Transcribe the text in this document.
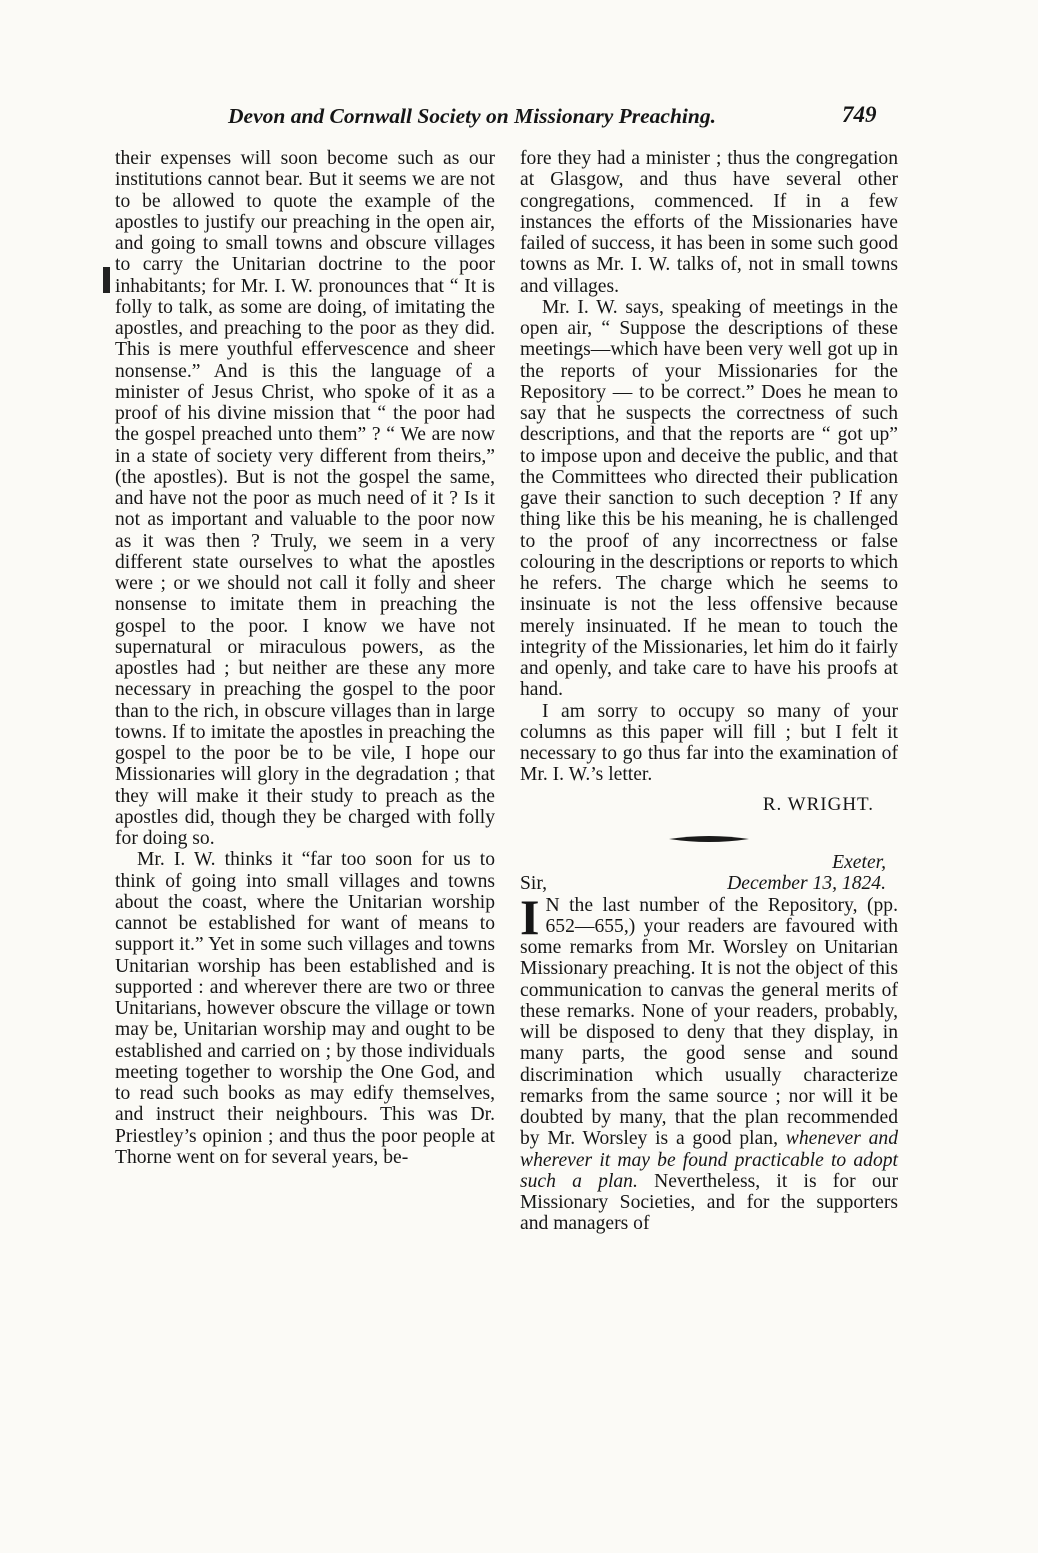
Devon and Cornwall Society on Missionary Preaching.	749

their expenses will soon become such as our institutions cannot bear. But it seems we are not to be allowed to quote the example of the apostles to justify our preaching in the open air, and going to small towns and obscure villages to carry the Unitarian doctrine to the poor inhabitants; for Mr. I. W. pronounces that “ It is folly to talk, as some are doing, of imitating the apostles, and preaching to the poor as they did. This is mere youthful effervescence and sheer nonsense.” And is this the language of a minister of Jesus Christ, who spoke of it as a proof of his divine mission that “ the poor had the gospel preached unto them” ? “ We are now in a state of society very different from theirs,” (the apostles). But is not the gospel the same, and have not the poor as much need of it ? Is it not as important and valuable to the poor now as it was then ? Truly, we seem in a very different state ourselves to what the apostles were ; or we should not call it folly and sheer nonsense to imitate them in preaching the gospel to the poor. I know we have not supernatural or miraculous powers, as the apostles had ; but neither are these any more necessary in preaching the gospel to the poor than to the rich, in obscure villages than in large towns. If to imitate the apostles in preaching the gospel to the poor be to be vile, I hope our Missionaries will glory in the degradation ; that they will make it their study to preach as the apostles did, though they be charged with folly for doing so.

Mr. I. W. thinks it “far too soon for us to think of going into small villages and towns about the coast, where the Unitarian worship cannot be established for want of means to support it.” Yet in some such villages and towns Unitarian worship has been established and is supported : and wherever there are two or three Unitarians, however obscure the village or town may be, Unitarian worship may and ought to be established and carried on ; by those individuals meeting together to worship the One God, and to read such books as may edify themselves, and instruct their neighbours. This was Dr. Priestley’s opinion ; and thus the poor people at Thorne went on for several years, be-

fore they had a minister ; thus the congregation at Glasgow, and thus have several other congregations, commenced. If in a few instances the efforts of the Missionaries have failed of success, it has been in some such good towns as Mr. I. W. talks of, not in small towns and villages.

Mr. I. W. says, speaking of meetings in the open air, “ Suppose the descriptions of these meetings—which have been very well got up in the reports of your Missionaries for the Repository — to be correct.” Does he mean to say that he suspects the correctness of such descriptions, and that the reports are “ got up” to impose upon and deceive the public, and that the Committees who directed their publication gave their sanction to such deception ? If any thing like this be his meaning, he is challenged to the proof of any incorrectness or false colouring in the descriptions or reports to which he refers. The charge which he seems to insinuate is not the less offensive because merely insinuated. If he mean to touch the integrity of the Missionaries, let him do it fairly and openly, and take care to have his proofs at hand.

I am sorry to occupy so many of your columns as this paper will fill ; but I felt it necessary to go thus far into the examination of Mr. I. W.’s letter.

R. WRIGHT.
Exeter,
Sir,	December 13, 1824.

I N the last number of the Repository, (pp. 652—655,) your readers are favoured with some remarks from Mr. Worsley on Unitarian Missionary preaching. It is not the object of this communication to canvas the general merits of these remarks. None of your readers, probably, will be disposed to deny that they display, in many parts, the good sense and sound discrimination which usually characterize remarks from the same source ; nor will it be doubted by many, that the plan recommended by Mr. Worsley is a good plan, whenever and wherever it may be found practicable to adopt such a plan. Nevertheless, it is for our Missionary Societies, and for the supporters and managers of
